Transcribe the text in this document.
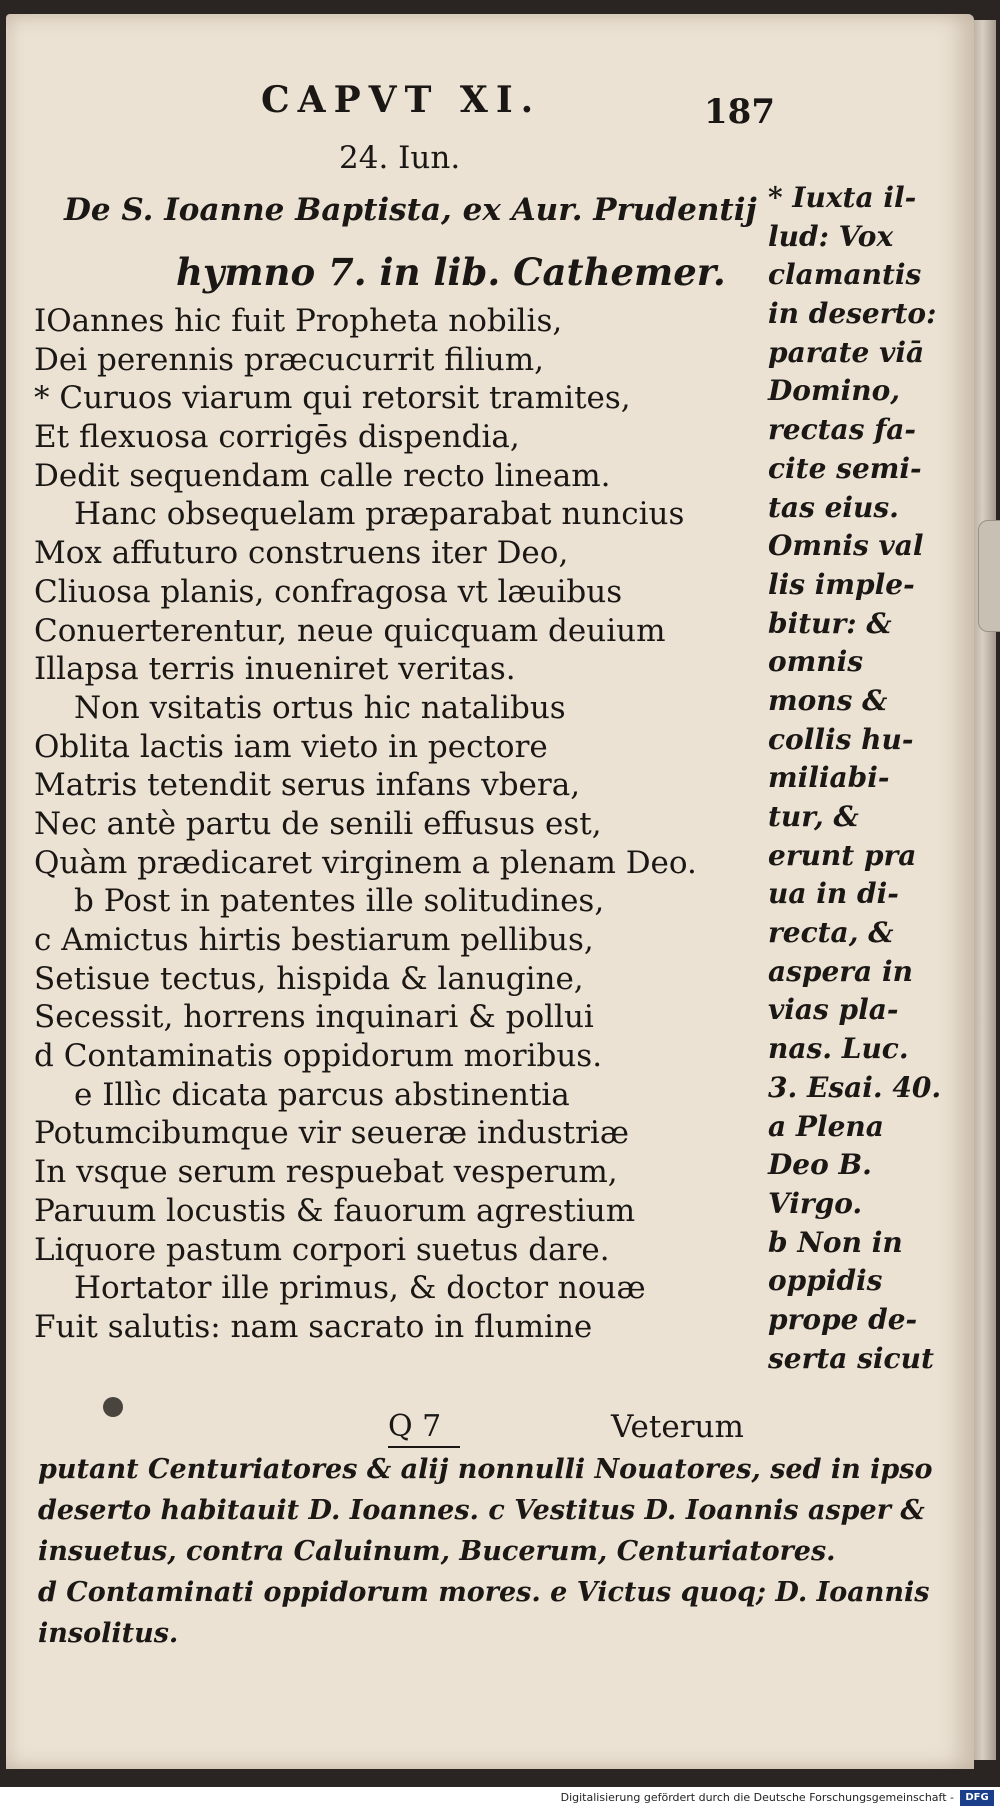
CAPVT XI.	187
24. Iun.
De S. Ioanne Baptista, ex Aur. Prudentij
hymno 7. in lib. Cathemer.
IOannes hic fuit Propheta nobilis,
Dei perennis præcucurrit filium,
* Curuos viarum qui retorsit tramites,
Et flexuosa corrigēs dispendia,
Dedit sequendam calle recto lineam.
Hanc obsequelam præparabat nuncius
Mox affuturo construens iter Deo,
Cliuosa planis, confragosa vt læuibus
Conuerterentur, neue quicquam deuium
Illapsa terris inueniret veritas.
Non vsitatis ortus hic natalibus
Oblita lactis iam vieto in pectore
Matris tetendit serus infans vbera,
Nec antè partu de senili effusus est,
Quàm prædicaret virginem a plenam Deo.
b Post in patentes ille solitudines,
c Amictus hirtis bestiarum pellibus,
Setisue tectus, hispida & lanugine,
Secessit, horrens inquinari & pollui
d Contaminatis oppidorum moribus.
e Illìc dicata parcus abstinentia
Potumcibumque vir seueræ industriæ
In vsque serum respuebat vesperum,
Paruum locustis & fauorum agrestium
Liquore pastum corpori suetus dare.
Hortator ille primus, & doctor nouæ
Fuit salutis: nam sacrato in flumine
* Iuxta il-
lud: Vox
clamantis
in deserto:
parate viā
Domino,
rectas fa-
cite semi-
tas eius.
Omnis val
lis imple-
bitur: &
omnis
mons &
collis hu-
miliabi-
tur, &
erunt pra
ua in di-
recta, &
aspera in
vias pla-
nas. Luc.
3. Esai. 40.
a Plena
Deo B.
Virgo.
b Non in
oppidis
prope de-
serta sicut
Q 7	Veterum
putant Centuriatores & alij nonnulli Nouatores, sed in ipso
deserto habitauit D. Ioannes. c Vestitus D. Ioannis asper &
insuetus, contra Caluinum, Bucerum, Centuriatores.
d Contaminati oppidorum mores. e Victus quoq; D. Ioannis
insolitus.
Digitalisierung gefördert durch die Deutsche Forschungsgemeinschaft -	DFG
